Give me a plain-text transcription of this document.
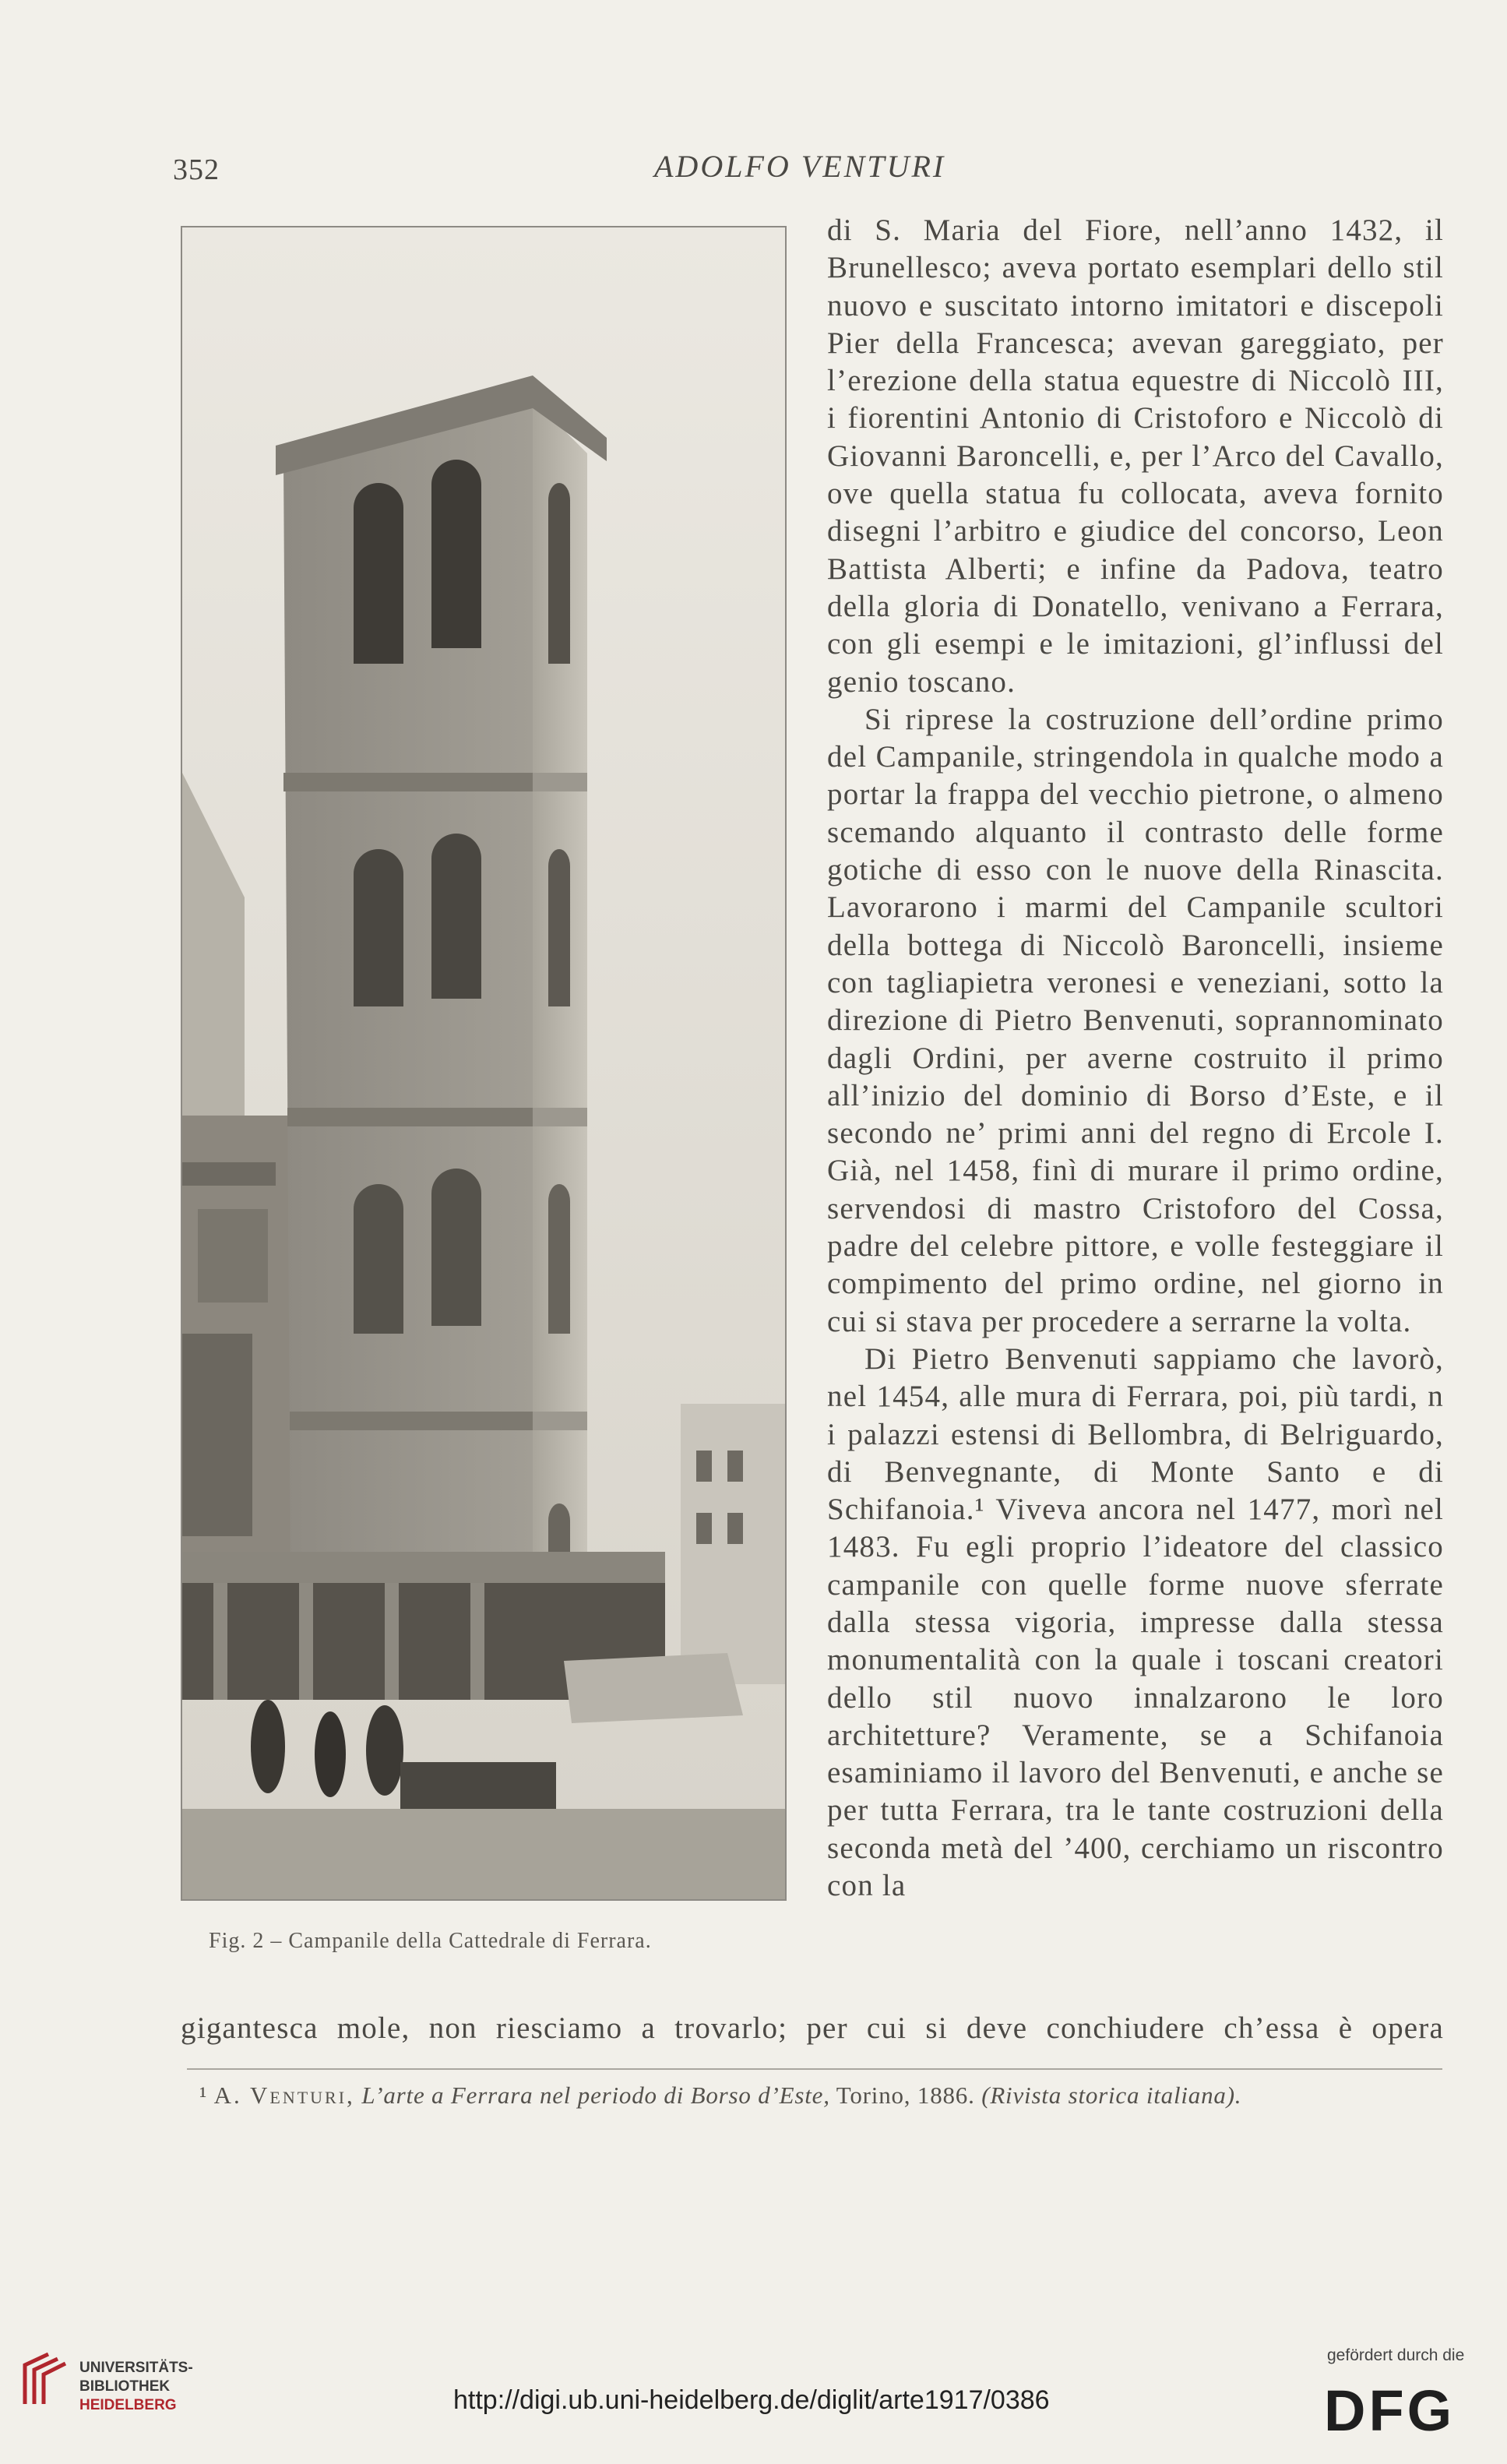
352	ADOLFO VENTURI
Fig. 2 – Campanile della Cattedrale di Ferrara.

di S. Maria del Fiore, nell’anno 1432, il Brunellesco; aveva portato esemplari dello stil nuovo e suscitato intorno imitatori e discepoli Pier della Francesca; avevan gareggiato, per l’erezione della statua equestre di Niccolò III, i fiorentini Antonio di Cristoforo e Niccolò di Giovanni Baroncelli, e, per l’Arco del Cavallo, ove quella statua fu collocata, aveva fornito disegni l’arbitro e giudice del concorso, Leon Battista Alberti; e infine da Padova, teatro della gloria di Donatello, venivano a Ferrara, con gli esempi e le imitazioni, gl’influssi del genio toscano.

Si riprese la costruzione dell’ordine primo del Campanile, stringendola in qualche modo a portar la frappa del vecchio pietrone, o almeno scemando alquanto il contrasto delle forme gotiche di esso con le nuove della Rinascita. Lavorarono i marmi del Campanile scultori della bottega di Niccolò Baroncelli, insieme con tagliapietra veronesi e veneziani, sotto la direzione di Pietro Benvenuti, soprannominato dagli Ordini, per averne costruito il primo all’inizio del dominio di Borso d’Este, e il secondo ne’ primi anni del regno di Ercole I. Già, nel 1458, finì di murare il primo ordine, servendosi di mastro Cristoforo del Cossa, padre del celebre pittore, e volle festeggiare il compimento del primo ordine, nel giorno in cui si stava per procedere a serrarne la volta.

Di Pietro Benvenuti sappiamo che lavorò, nel 1454, alle mura di Ferrara, poi, più tardi, n i palazzi estensi di Bellombra, di Belriguardo, di Benvegnante, di Monte Santo e di Schifanoia.¹ Viveva ancora nel 1477, morì nel 1483. Fu egli proprio l’ideatore del classico campanile con quelle forme nuove sferrate dalla stessa vigoria, impresse dalla stessa monumentalità con la quale i toscani creatori dello stil nuovo innalzarono le loro architetture? Veramente, se a Schifanoia esaminiamo il lavoro del Benvenuti, e anche se per tutta Ferrara, tra le tante costruzioni della seconda metà del ’400, cerchiamo un riscontro con la

gigantesca mole, non riesciamo a trovarlo; per cui si deve conchiudere ch’essa è opera
¹ A. Venturi, L’arte a Ferrara nel periodo di Borso d’Este, Torino, 1886. (Rivista storica italiana).
UNIVERSITÄTS-
BIBLIOTHEK
HEIDELBERG	http://digi.ub.uni-heidelberg.de/diglit/arte1917/0386
gefördert durch die
DFG
